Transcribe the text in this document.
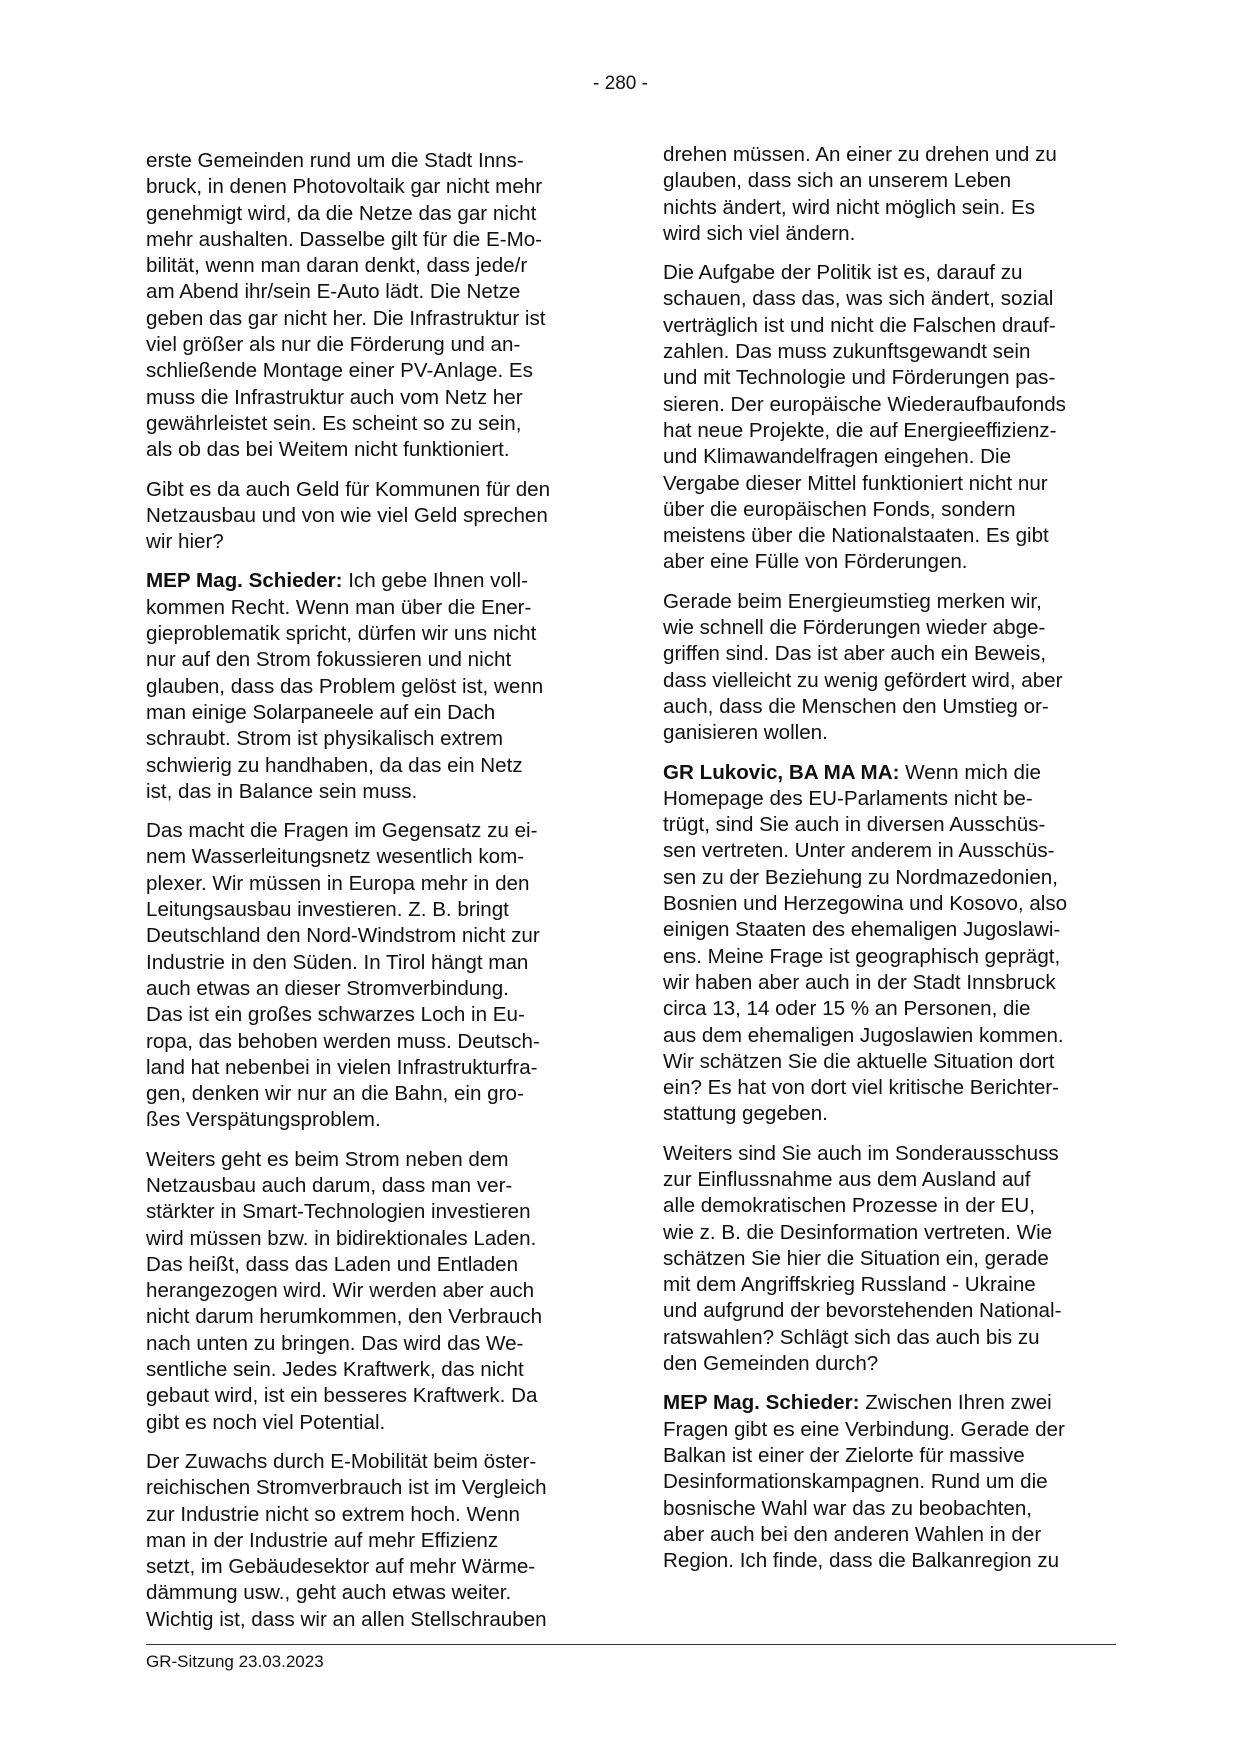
- 280 -

erste Gemeinden rund um die Stadt Inns-
bruck, in denen Photovoltaik gar nicht mehr
genehmigt wird, da die Netze das gar nicht
mehr aushalten. Dasselbe gilt für die E-Mo-
bilität, wenn man daran denkt, dass jede/r
am Abend ihr/sein E-Auto lädt. Die Netze
geben das gar nicht her. Die Infrastruktur ist
viel größer als nur die Förderung und an-
schließende Montage einer PV-Anlage. Es
muss die Infrastruktur auch vom Netz her
gewährleistet sein. Es scheint so zu sein,
als ob das bei Weitem nicht funktioniert.

Gibt es da auch Geld für Kommunen für den
Netzausbau und von wie viel Geld sprechen
wir hier?

MEP Mag. Schieder: Ich gebe Ihnen voll-
kommen Recht. Wenn man über die Ener-
gieproblematik spricht, dürfen wir uns nicht
nur auf den Strom fokussieren und nicht
glauben, dass das Problem gelöst ist, wenn
man einige Solarpaneele auf ein Dach
schraubt. Strom ist physikalisch extrem
schwierig zu handhaben, da das ein Netz
ist, das in Balance sein muss.

Das macht die Fragen im Gegensatz zu ei-
nem Wasserleitungsnetz wesentlich kom-
plexer. Wir müssen in Europa mehr in den
Leitungsausbau investieren. Z. B. bringt
Deutschland den Nord-Windstrom nicht zur
Industrie in den Süden. In Tirol hängt man
auch etwas an dieser Stromverbindung.
Das ist ein großes schwarzes Loch in Eu-
ropa, das behoben werden muss. Deutsch-
land hat nebenbei in vielen Infrastrukturfra-
gen, denken wir nur an die Bahn, ein gro-
ßes Verspätungsproblem.

Weiters geht es beim Strom neben dem
Netzausbau auch darum, dass man ver-
stärkter in Smart-Technologien investieren
wird müssen bzw. in bidirektionales Laden.
Das heißt, dass das Laden und Entladen
herangezogen wird. Wir werden aber auch
nicht darum herumkommen, den Verbrauch
nach unten zu bringen. Das wird das We-
sentliche sein. Jedes Kraftwerk, das nicht
gebaut wird, ist ein besseres Kraftwerk. Da
gibt es noch viel Potential.

Der Zuwachs durch E-Mobilität beim öster-
reichischen Stromverbrauch ist im Vergleich
zur Industrie nicht so extrem hoch. Wenn
man in der Industrie auf mehr Effizienz
setzt, im Gebäudesektor auf mehr Wärme-
dämmung usw., geht auch etwas weiter.
Wichtig ist, dass wir an allen Stellschrauben

drehen müssen. An einer zu drehen und zu
glauben, dass sich an unserem Leben
nichts ändert, wird nicht möglich sein. Es
wird sich viel ändern.

Die Aufgabe der Politik ist es, darauf zu
schauen, dass das, was sich ändert, sozial
verträglich ist und nicht die Falschen drauf-
zahlen. Das muss zukunftsgewandt sein
und mit Technologie und Förderungen pas-
sieren. Der europäische Wiederaufbaufonds
hat neue Projekte, die auf Energieeffizienz-
und Klimawandelfragen eingehen. Die
Vergabe dieser Mittel funktioniert nicht nur
über die europäischen Fonds, sondern
meistens über die Nationalstaaten. Es gibt
aber eine Fülle von Förderungen.

Gerade beim Energieumstieg merken wir,
wie schnell die Förderungen wieder abge-
griffen sind. Das ist aber auch ein Beweis,
dass vielleicht zu wenig gefördert wird, aber
auch, dass die Menschen den Umstieg or-
ganisieren wollen.

GR Lukovic, BA MA MA: Wenn mich die
Homepage des EU-Parlaments nicht be-
trügt, sind Sie auch in diversen Ausschüs-
sen vertreten. Unter anderem in Ausschüs-
sen zu der Beziehung zu Nordmazedonien,
Bosnien und Herzegowina und Kosovo, also
einigen Staaten des ehemaligen Jugoslawi-
ens. Meine Frage ist geographisch geprägt,
wir haben aber auch in der Stadt Innsbruck
circa 13, 14 oder 15 % an Personen, die
aus dem ehemaligen Jugoslawien kommen.
Wir schätzen Sie die aktuelle Situation dort
ein? Es hat von dort viel kritische Berichter-
stattung gegeben.

Weiters sind Sie auch im Sonderausschuss
zur Einflussnahme aus dem Ausland auf
alle demokratischen Prozesse in der EU,
wie z. B. die Desinformation vertreten. Wie
schätzen Sie hier die Situation ein, gerade
mit dem Angriffskrieg Russland - Ukraine
und aufgrund der bevorstehenden National-
ratswahlen? Schlägt sich das auch bis zu
den Gemeinden durch?

MEP Mag. Schieder: Zwischen Ihren zwei
Fragen gibt es eine Verbindung. Gerade der
Balkan ist einer der Zielorte für massive
Desinformationskampagnen. Rund um die
bosnische Wahl war das zu beobachten,
aber auch bei den anderen Wahlen in der
Region. Ich finde, dass die Balkanregion zu

GR-Sitzung 23.03.2023
